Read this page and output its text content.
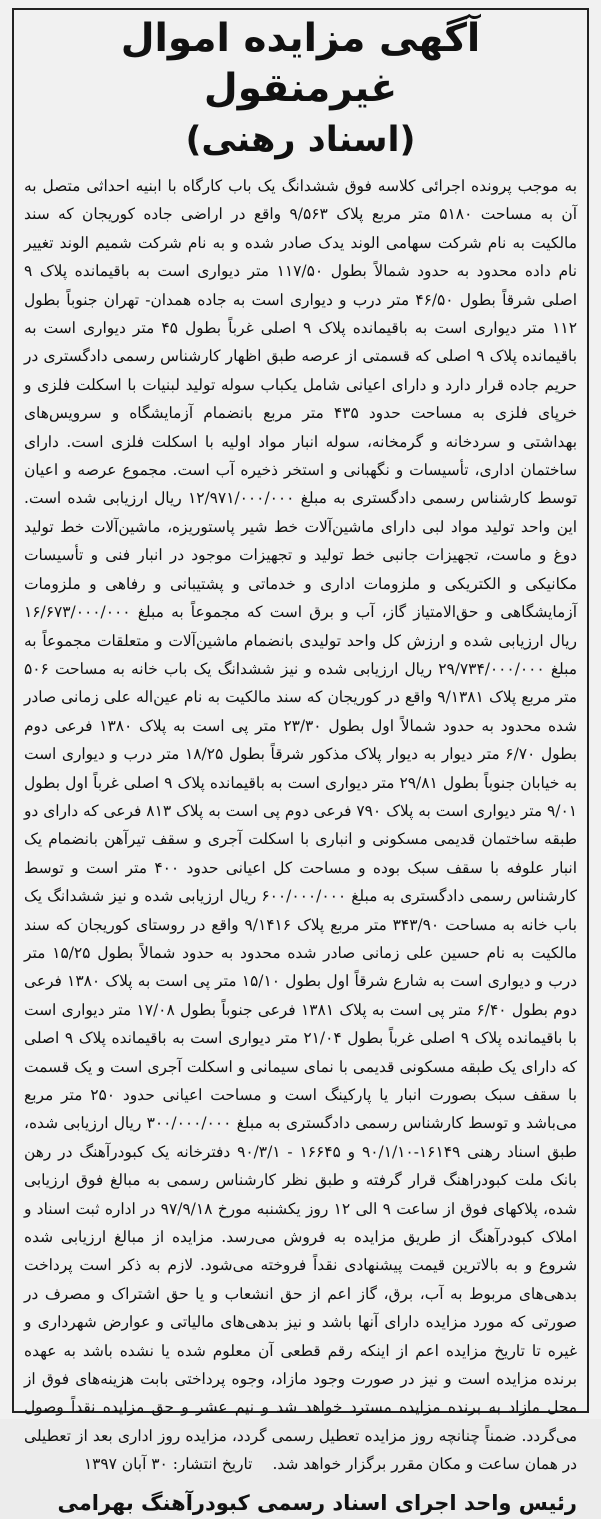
آگهی مزایده اموال غیرمنقول
(اسناد رهنی)

به موجب پرونده اجرائی کلاسه فوق ششدانگ یک باب کارگاه با ابنیه احداثی متصل به آن به مساحت ۵۱۸۰ متر مربع پلاک ۹/۵۶۳ واقع در اراضی جاده کوریجان که سند مالکیت به نام شرکت سهامی الوند یدک صادر شده و به نام شرکت شمیم الوند تغییر نام داده محدود به حدود شمالاً بطول ۱۱۷/۵۰ متر دیواری است به باقیمانده پلاک ۹ اصلی شرقاً بطول ۴۶/۵۰ متر درب و دیواری است به جاده همدان- تهران جنوباً بطول ۱۱۲ متر دیواری است به باقیمانده پلاک ۹ اصلی غرباً بطول ۴۵ متر دیواری است به باقیمانده پلاک ۹ اصلی که قسمتی از عرصه طبق اظهار کارشناس رسمی دادگستری در حریم جاده قرار دارد و دارای اعیانی شامل یکباب سوله تولید لبنیات با اسکلت فلزی و خرپای فلزی به مساحت حدود ۴۳۵ متر مربع بانضمام آزمایشگاه و سرویس‌های بهداشتی و سردخانه و گرمخانه، سوله انبار مواد اولیه با اسکلت فلزی است. دارای ساختمان اداری، تأسیسات و نگهبانی و استخر ذخیره آب است. مجموع عرصه و اعیان توسط کارشناس رسمی دادگستری به مبلغ ۱۲/۹۷۱/۰۰۰/۰۰۰ ریال ارزیابی شده است. این واحد تولید مواد لبی دارای ماشین‌آلات خط شیر پاستوریزه، ماشین‌آلات خط تولید دوغ و ماست، تجهیزات جانبی خط تولید و تجهیزات موجود در انبار فنی و تأسیسات مکانیکی و الکتریکی و ملزومات اداری و خدماتی و پشتیبانی و رفاهی و ملزومات آزمایشگاهی و حق‌الامتیاز گاز، آب و برق است که مجموعاً به مبلغ ۱۶/۶۷۳/۰۰۰/۰۰۰ ریال ارزیابی شده و ارزش کل واحد تولیدی بانضمام ماشین‌آلات و متعلقات مجموعاً به مبلغ ۲۹/۷۳۴/۰۰۰/۰۰۰ ریال ارزیابی شده و نیز ششدانگ یک باب خانه به مساحت ۵۰۶ متر مربع پلاک ۹/۱۳۸۱ واقع در کوریجان که سند مالکیت به نام عین‌اله علی زمانی صادر شده محدود به حدود شمالاً اول بطول ۲۳/۳۰ متر پی است به پلاک ۱۳۸۰ فرعی دوم بطول ۶/۷۰ متر دیوار به دیوار پلاک مذکور شرقاً بطول ۱۸/۲۵ متر درب و دیواری است به خیابان جنوباً بطول ۲۹/۸۱ متر دیواری است به باقیمانده پلاک ۹ اصلی غرباً اول بطول ۹/۰۱ متر دیواری است به پلاک ۷۹۰ فرعی دوم پی است به پلاک ۸۱۳ فرعی که دارای دو طبقه ساختمان قدیمی مسکونی و انباری با اسکلت آجری و سقف تیرآهن بانضمام یک انبار علوفه با سقف سبک بوده و مساحت کل اعیانی حدود ۴۰۰ متر است و توسط کارشناس رسمی دادگستری به مبلغ ۶۰۰/۰۰۰/۰۰۰ ریال ارزیابی شده و نیز ششدانگ یک باب خانه به مساحت ۳۴۳/۹۰ متر مربع پلاک ۹/۱۴۱۶ واقع در روستای کوریجان که سند مالکیت به نام حسین علی زمانی صادر شده محدود به حدود شمالاً بطول ۱۵/۲۵ متر درب و دیواری است به شارع شرقاً اول بطول ۱۵/۱۰ متر پی است به پلاک ۱۳۸۰ فرعی دوم بطول ۶/۴۰ متر پی است به پلاک ۱۳۸۱ فرعی جنوباً بطول ۱۷/۰۸ متر دیواری است با باقیمانده پلاک ۹ اصلی غرباً بطول ۲۱/۰۴ متر دیواری است به باقیمانده پلاک ۹ اصلی که دارای یک طبقه مسکونی قدیمی با نمای سیمانی و اسکلت آجری است و یک قسمت با سقف سبک بصورت انبار یا پارکینگ است و مساحت اعیانی حدود ۲۵۰ متر مربع می‌باشد و توسط کارشناس رسمی دادگستری به مبلغ ۳۰۰/۰۰۰/۰۰۰ ریال ارزیابی شده، طبق اسناد رهنی ۱۶۱۴۹-۹۰/۱/۱۰ و ۱۶۶۴۵ - ۹۰/۳/۱ دفترخانه یک کبودرآهنگ در رهن بانک ملت کبودراهنگ قرار گرفته و طبق نظر کارشناس رسمی به مبالغ فوق ارزیابی شده، پلاکهای فوق از ساعت ۹ الی ۱۲ روز یکشنبه مورخ ۹۷/۹/۱۸ در اداره ثبت اسناد و املاک کبودرآهنگ از طریق مزایده به فروش می‌رسد. مزایده از مبالغ ارزیابی شده شروع و به بالاترین قیمت پیشنهادی نقداً فروخته می‌شود. لازم به ذکر است پرداخت بدهی‌های مربوط به آب، برق، گاز اعم از حق انشعاب و یا حق اشتراک و مصرف در صورتی که مورد مزایده دارای آنها باشد و نیز بدهی‌های مالیاتی و عوارض شهرداری و غیره تا تاریخ مزایده اعم از اینکه رقم قطعی آن معلوم شده یا نشده باشد به عهده برنده مزایده است و نیز در صورت وجود مازاد، وجوه پرداختی بابت هزینه‌های فوق از محل مازاد به برنده مزایده مسترد خواهد شد و نیم عشر و حق مزایده نقداً وصول می‌گردد. ضمناً چنانچه روز مزایده تعطیل رسمی گردد، مزایده روز اداری بعد از تعطیلی در همان ساعت و مکان مقرر برگزار خواهد شد.تاریخ انتشار: ۳۰ آبان ۱۳۹۷

رئیس واحد اجرای اسناد رسمی کبودرآهنگ بهرامی
